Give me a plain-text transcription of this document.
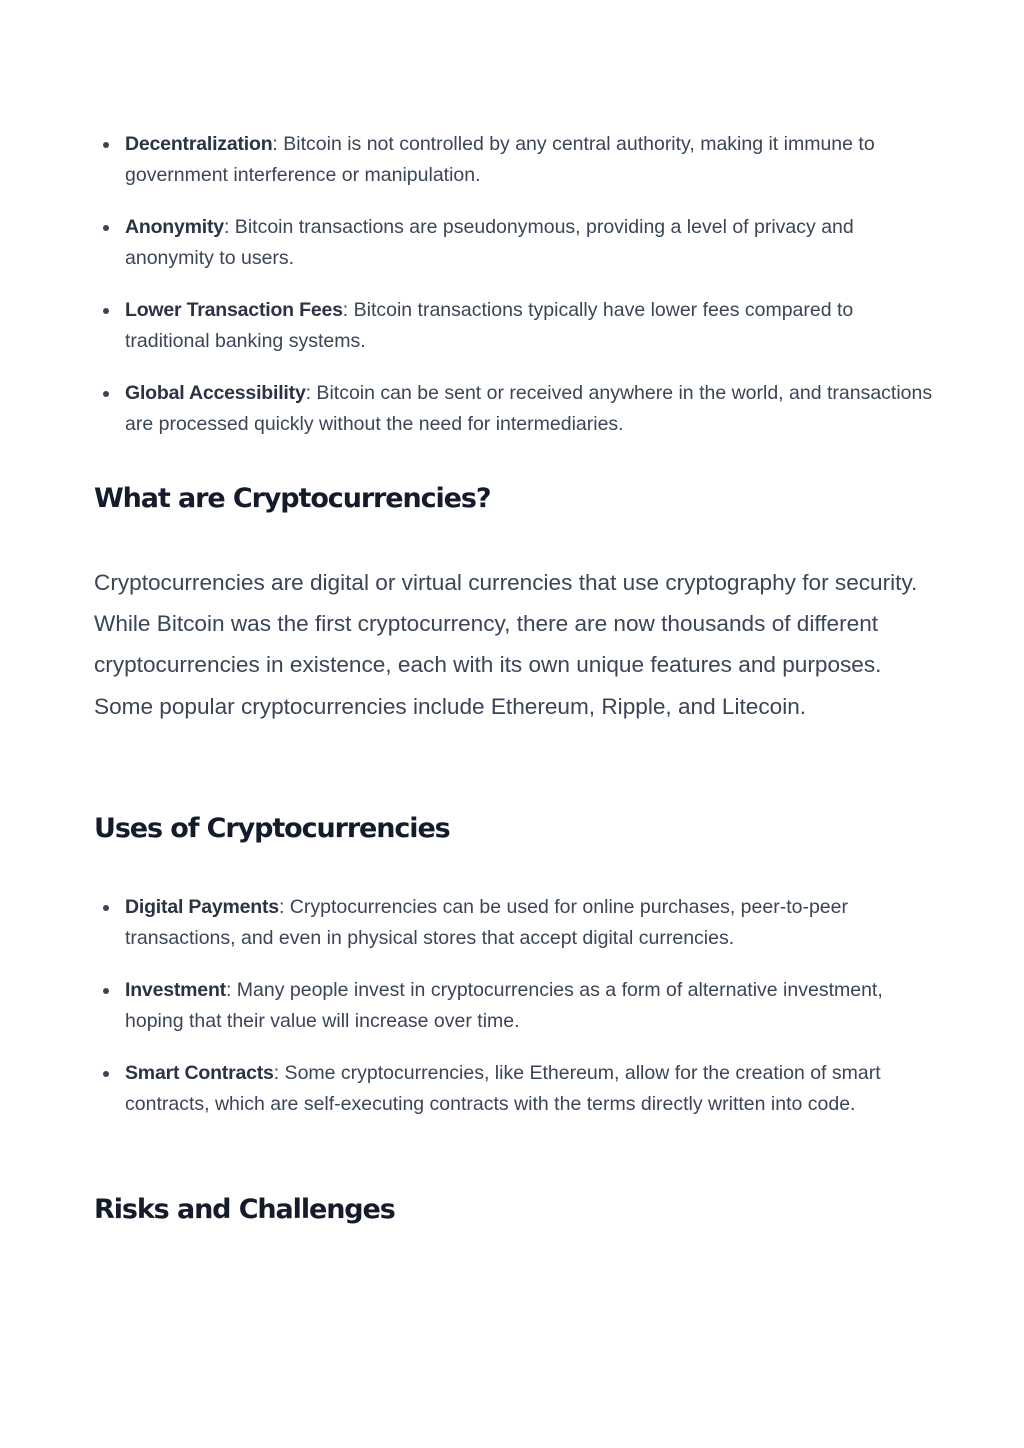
Decentralization: Bitcoin is not controlled by any central authority, making it immune to government interference or manipulation.
Anonymity: Bitcoin transactions are pseudonymous, providing a level of privacy and anonymity to users.
Lower Transaction Fees: Bitcoin transactions typically have lower fees compared to traditional banking systems.
Global Accessibility: Bitcoin can be sent or received anywhere in the world, and transactions are processed quickly without the need for intermediaries.
What are Cryptocurrencies?

Cryptocurrencies are digital or virtual currencies that use cryptography for security. While Bitcoin was the first cryptocurrency, there are now thousands of different cryptocurrencies in existence, each with its own unique features and purposes. Some popular cryptocurrencies include Ethereum, Ripple, and Litecoin.

Uses of Cryptocurrencies
Digital Payments: Cryptocurrencies can be used for online purchases, peer-to-peer transactions, and even in physical stores that accept digital currencies.
Investment: Many people invest in cryptocurrencies as a form of alternative investment, hoping that their value will increase over time.
Smart Contracts: Some cryptocurrencies, like Ethereum, allow for the creation of smart contracts, which are self-executing contracts with the terms directly written into code.
Risks and Challenges
